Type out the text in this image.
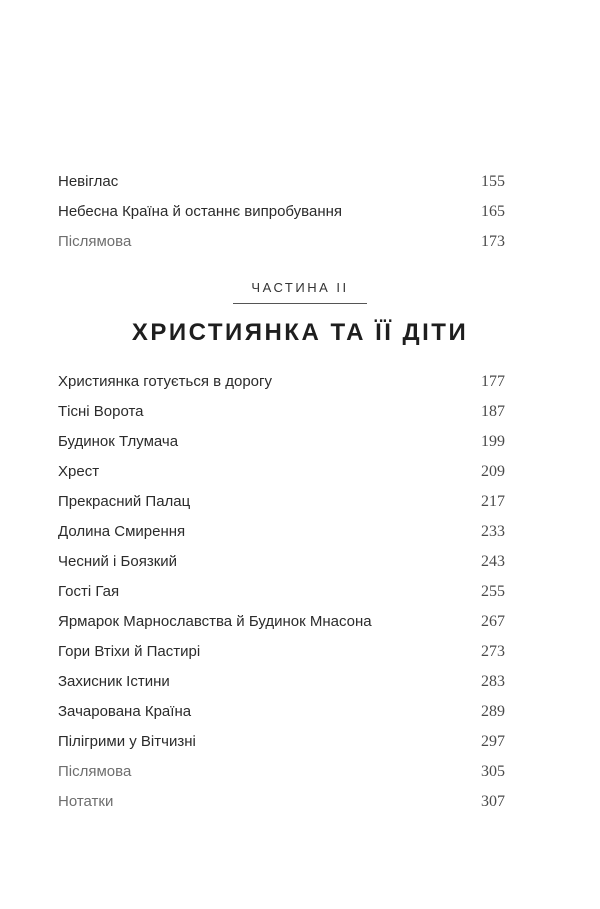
Невіглас	155
Небесна Країна й останнє випробування	165
Післямова	173
ЧАСТИНА II
ХРИСТИЯНКА ТА ЇЇ ДІТИ
Християнка готується в дорогу	177
Тісні Ворота	187
Будинок Тлумача	199
Хрест	209
Прекрасний Палац	217
Долина Смирення	233
Чесний і Боязкий	243
Гості Гая	255
Ярмарок Марнославства й Будинок Мнасона	267
Гори Втіхи й Пастирі	273
Захисник Істини	283
Зачарована Країна	289
Пілігрими у Вітчизні	297
Післямова	305
Нотатки	307
